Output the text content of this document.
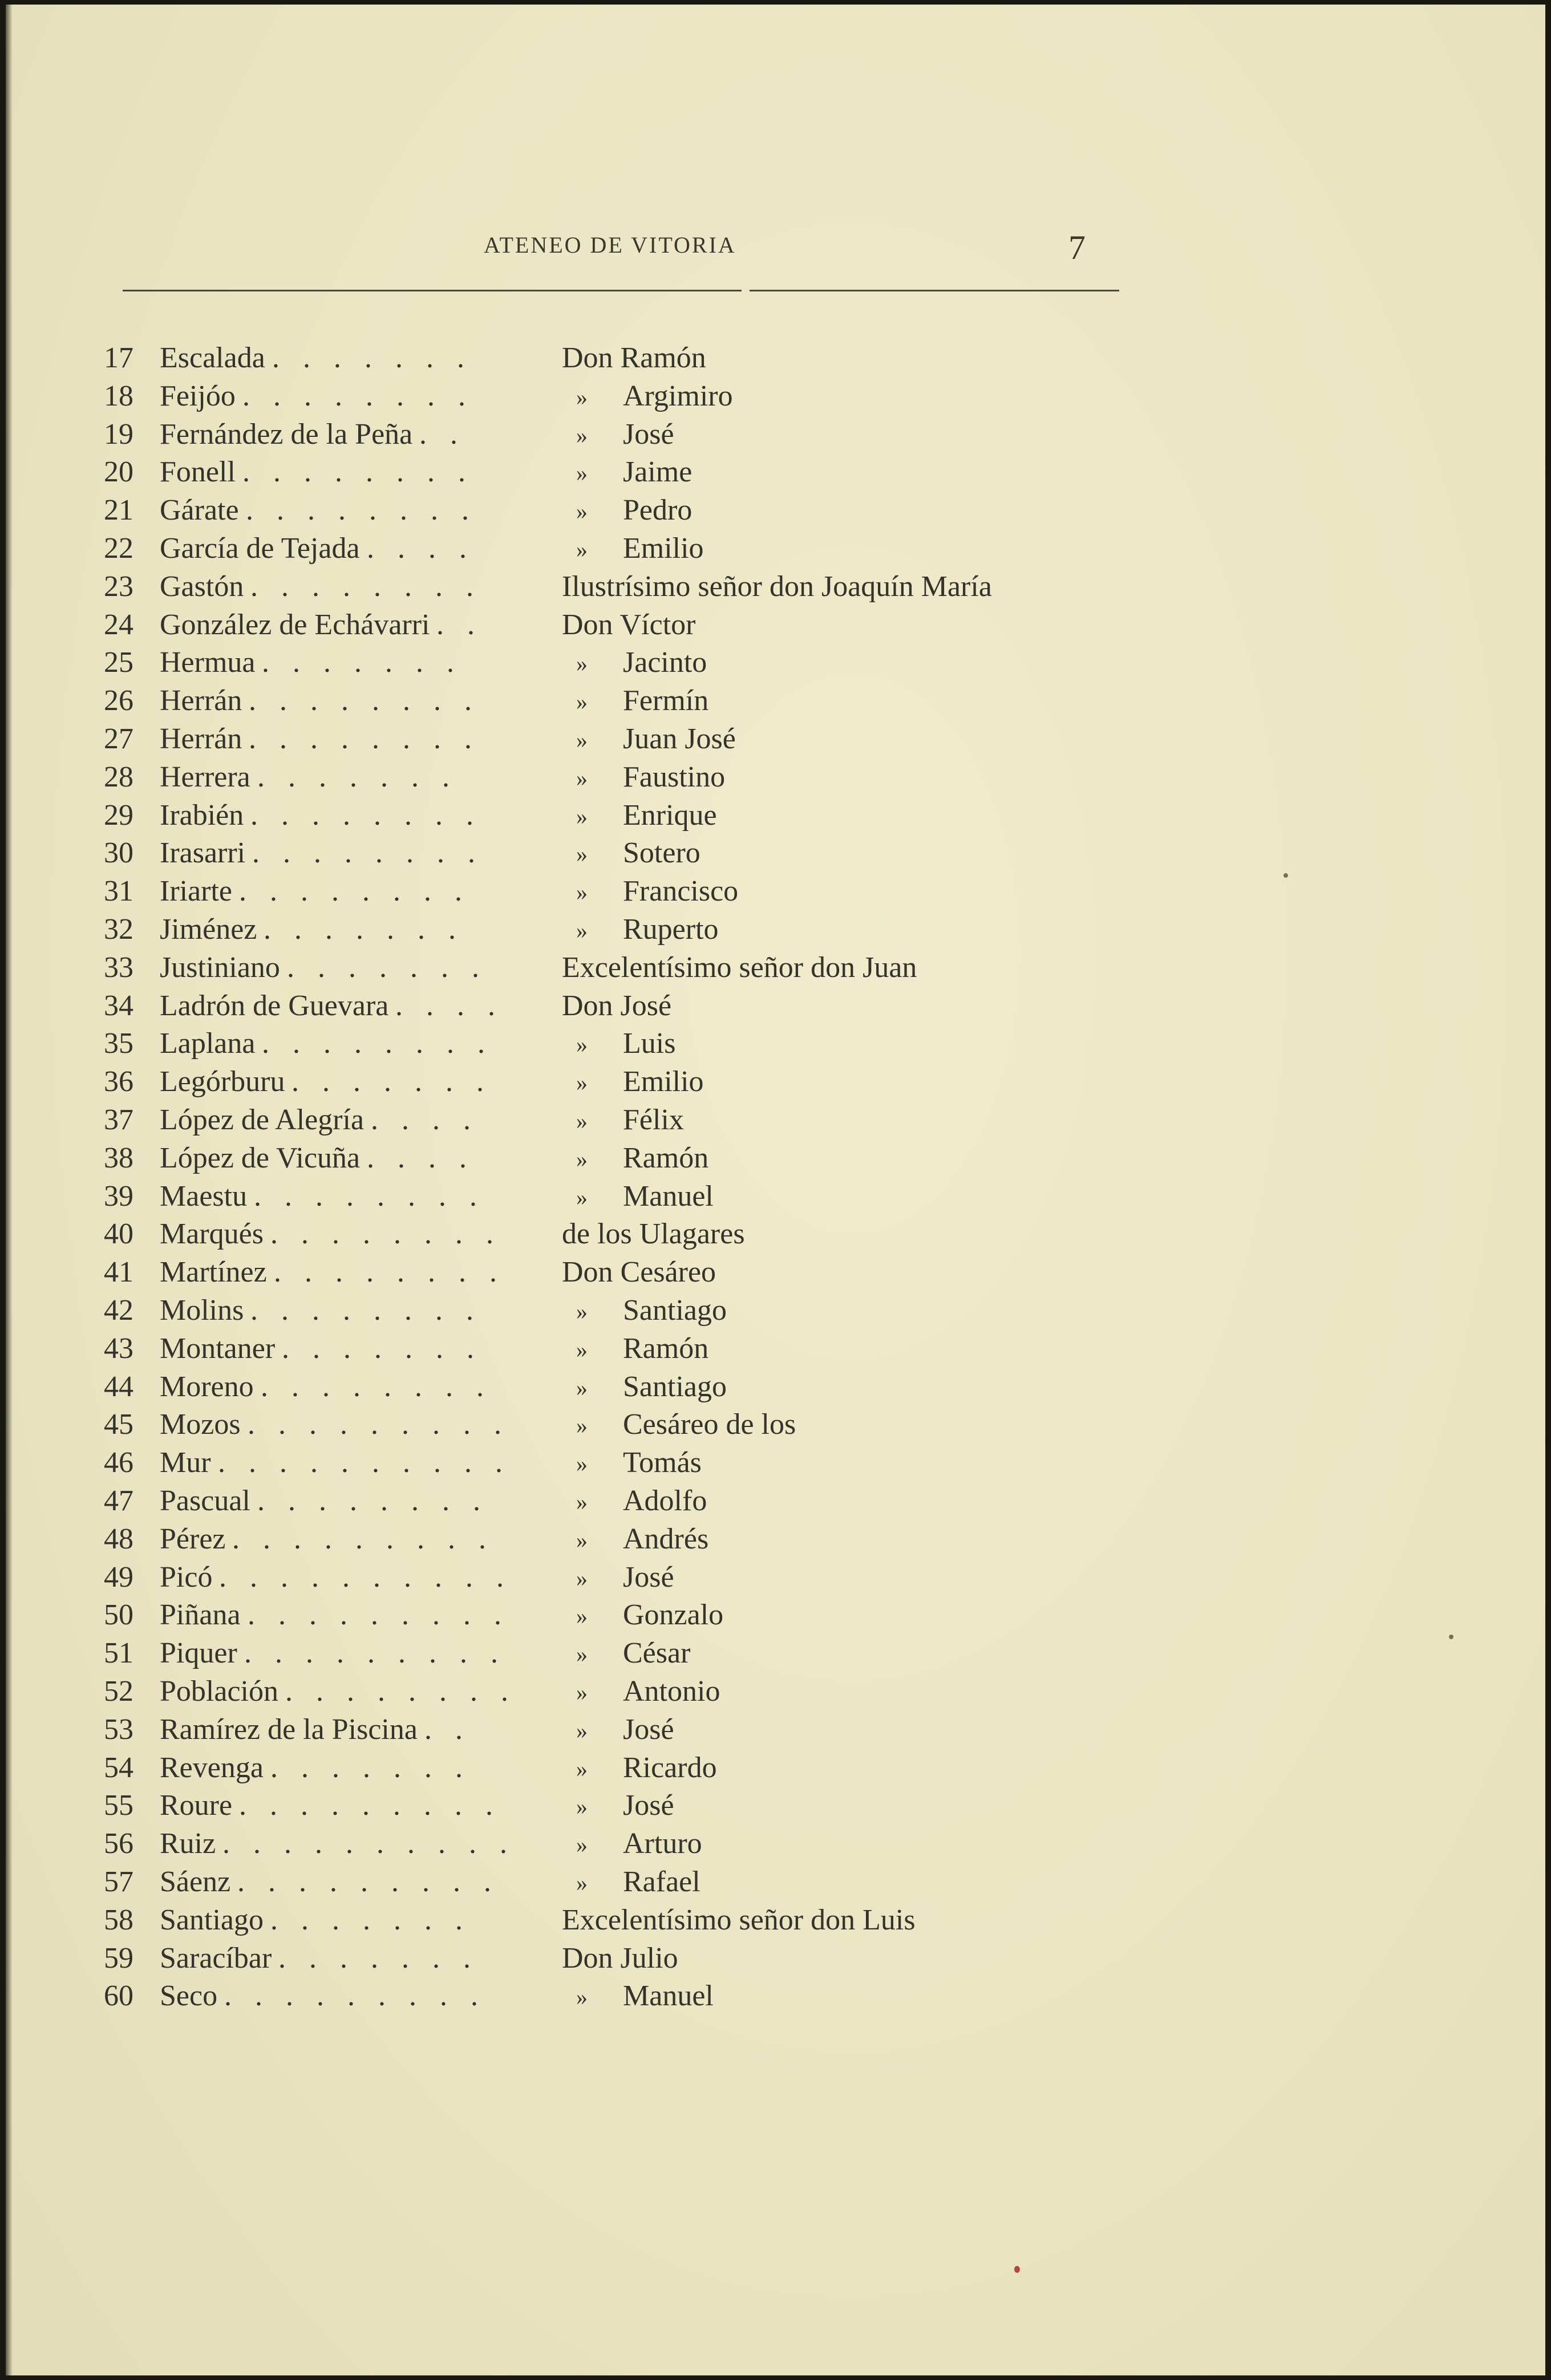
ATENEO DE VITORIA	7
17 Escalada . . . . . . .	Don Ramón
18 Feijóo . . . . . . . .	» Argimiro
19 Fernández de la Peña . .	» José
20 Fonell . . . . . . . .	» Jaime
21 Gárate . . . . . . . .	» Pedro
22 García de Tejada . . . .	» Emilio
23 Gastón . . . . . . . .	Ilustrísimo señor don Joaquín María
24 González de Echávarri . .	Don Víctor
25 Hermua . . . . . . .	» Jacinto
26 Herrán . . . . . . . .	» Fermín
27 Herrán . . . . . . . .	» Juan José
28 Herrera . . . . . . .	» Faustino
29 Irabién . . . . . . . .	» Enrique
30 Irasarri . . . . . . . .	» Sotero
31 Iriarte . . . . . . . .	» Francisco
32 Jiménez . . . . . . .	» Ruperto
33 Justiniano . . . . . . .	Excelentísimo señor don Juan
34 Ladrón de Guevara . . . .	Don José
35 Laplana . . . . . . . .	» Luis
36 Legórburu . . . . . . .	» Emilio
37 López de Alegría . . . .	» Félix
38 López de Vicuña . . . .	» Ramón
39 Maestu . . . . . . . .	» Manuel
40 Marqués . . . . . . . .	de los Ulagares
41 Martínez . . . . . . . .	Don Cesáreo
42 Molins . . . . . . . .	» Santiago
43 Montaner . . . . . . .	» Ramón
44 Moreno . . . . . . . .	» Santiago
45 Mozos . . . . . . . . .	» Cesáreo de los
46 Mur . . . . . . . . . .	» Tomás
47 Pascual . . . . . . . .	» Adolfo
48 Pérez . . . . . . . . .	» Andrés
49 Picó . . . . . . . . . .	» José
50 Piñana . . . . . . . . .	» Gonzalo
51 Piquer . . . . . . . . .	» César
52 Población . . . . . . . .	» Antonio
53 Ramírez de la Piscina . .	» José
54 Revenga . . . . . . .	» Ricardo
55 Roure . . . . . . . . .	» José
56 Ruiz . . . . . . . . . .	» Arturo
57 Sáenz . . . . . . . . .	» Rafael
58 Santiago . . . . . . .	Excelentísimo señor don Luis
59 Saracíbar . . . . . . .	Don Julio
60 Seco . . . . . . . . .	» Manuel
